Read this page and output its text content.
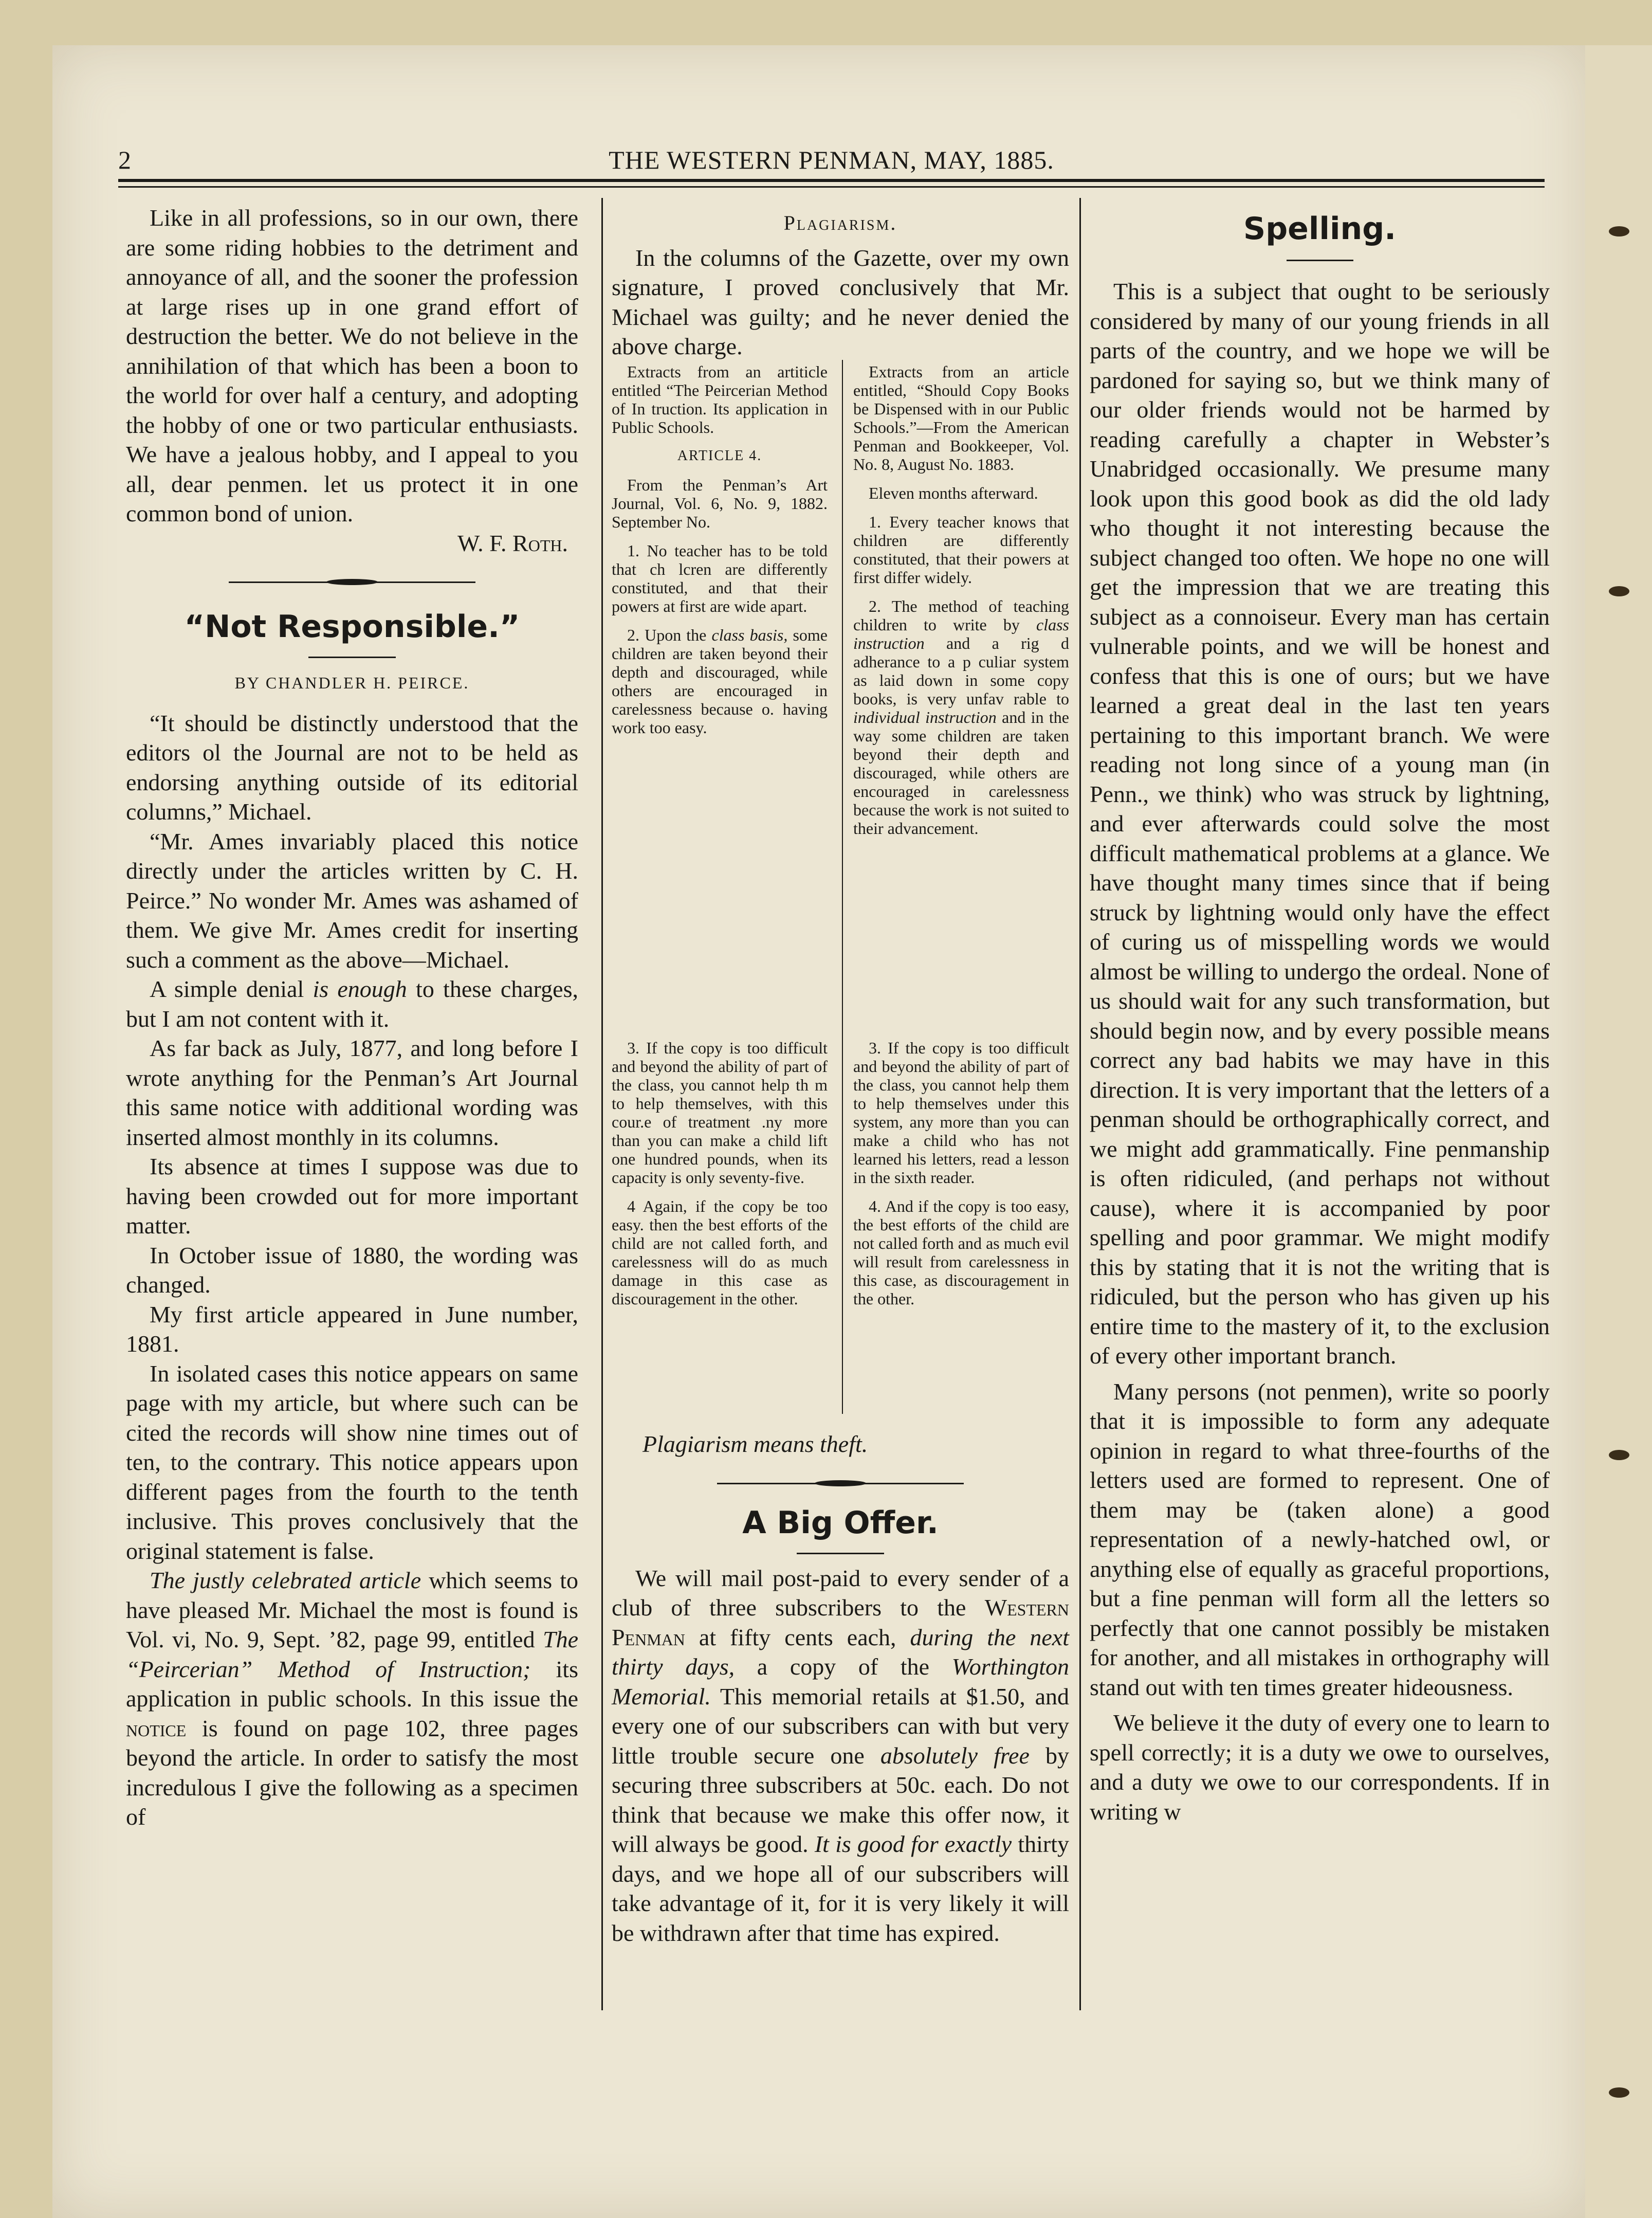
2	THE WESTERN PENMAN, MAY, 1885.

Like in all professions, so in our own, there are some riding hobbies to the detriment and annoyance of all, and the sooner the profession at large rises up in one grand effort of destruction the better. We do not believe in the annihilation of that which has been a boon to the world for over half a century, and adopting the hobby of one or two particular enthusiasts. We have a jealous hobby, and I appeal to you all, dear penmen. let us protect it in one common bond of union.

W. F. Roth.
“Not Responsible.”
BY CHANDLER H. PEIRCE.

“It should be distinctly understood that the editors ol the Journal are not to be held as endorsing anything outside of its editorial columns,” Michael.

“Mr. Ames invariably placed this notice directly under the articles written by C. H. Peirce.” No wonder Mr. Ames was ashamed of them. We give Mr. Ames credit for inserting such a comment as the above—Michael.

A simple denial is enough to these charges, but I am not content with it.

As far back as July, 1877, and long before I wrote anything for the Penman’s Art Journal this same notice with additional wording was inserted almost monthly in its columns.

Its absence at times I suppose was due to having been crowded out for more important matter.

In October issue of 1880, the wording was changed.

My first article appeared in June number, 1881.

In isolated cases this notice appears on same page with my article, but where such can be cited the records will show nine times out of ten, to the contrary. This notice appears upon different pages from the fourth to the tenth inclusive. This proves conclusively that the original statement is false.

The justly celebrated article which seems to have pleased Mr. Michael the most is found is Vol. vi, No. 9, Sept. ’82, page 99, entitled The “Peircerian” Method of Instruction; its application in public schools. In this issue the notice is found on page 102, three pages beyond the article. In order to satisfy the most incredulous I give the following as a specimen of

Plagiarism.

In the columns of the Gazette, over my own signature, I proved conclusively that Mr. Michael was guilty; and he never denied the above charge.

Extracts from an artiticle entitled “The Peircerian Method of In truction. Its application in Public Schools.

ARTICLE 4.

From the Penman’s Art Journal, Vol. 6, No. 9, 1882. September No.

1. No teacher has to be told that ch lcren are differently constituted, and that their powers at first are wide apart.

2. Upon the class basis, some children are taken beyond their depth and discouraged, while others are encouraged in carelessness because o. having work too easy.

3. If the copy is too difficult and beyond the ability of part of the class, you cannot help th m to help themselves, with this cour.e of treatment .ny more than you can make a child lift one hundred pounds, when its capacity is only seventy-five.

4 Again, if the copy be too easy. then the best efforts of the child are not called forth, and carelessness will do as much damage in this case as discouragement in the other.

Extracts from an article entitled, “Should Copy Books be Dispensed with in our Public Schools.”—From the American Penman and Bookkeeper, Vol. No. 8, August No. 1883.

Eleven months afterward.

1. Every teacher knows that children are differently constituted, that their powers at first differ widely.

2. The method of teaching children to write by class instruction and a rig d adherance to a p culiar system as laid down in some copy books, is very unfav rable to individual instruction and in the way some children are taken beyond their depth and discouraged, while others are encouraged in carelessness because the work is not suited to their advancement.

3. If the copy is too difficult and beyond the ability of part of the class, you cannot help them to help themselves under this system, any more than you can make a child who has not learned his letters, read a lesson in the sixth reader.

4. And if the copy is too easy, the best efforts of the child are not called forth and as much evil will result from carelessness in this case, as discouragement in the other.

Plagiarism means theft.

A Big Offer.

We will mail post-paid to every sender of a club of three subscribers to the Western Penman at fifty cents each, during the next thirty days, a copy of the Worthington Memorial. This memorial retails at $1.50, and every one of our subscribers can with but very little trouble secure one absolutely free by securing three subscribers at 50c. each. Do not think that because we make this offer now, it will always be good. It is good for exactly thirty days, and we hope all of our subscribers will take advantage of it, for it is very likely it will be withdrawn after that time has expired.

Spelling.

This is a subject that ought to be seriously considered by many of our young friends in all parts of the country, and we hope we will be pardoned for saying so, but we think many of our older friends would not be harmed by reading carefully a chapter in Webster’s Unabridged occasionally. We presume many look upon this good book as did the old lady who thought it not interesting because the subject changed too often. We hope no one will get the impression that we are treating this subject as a connoiseur. Every man has certain vulnerable points, and we will be honest and confess that this is one of ours; but we have learned a great deal in the last ten years pertaining to this important branch. We were reading not long since of a young man (in Penn., we think) who was struck by lightning, and ever afterwards could solve the most difficult mathematical problems at a glance. We have thought many times since that if being struck by lightning would only have the effect of curing us of misspelling words we would almost be willing to undergo the ordeal. None of us should wait for any such transformation, but should begin now, and by every possible means correct any bad habits we may have in this direction. It is very important that the letters of a penman should be orthographically correct, and we might add grammatically. Fine penmanship is often ridiculed, (and perhaps not without cause), where it is accompanied by poor spelling and poor grammar. We might modify this by stating that it is not the writing that is ridiculed, but the person who has given up his entire time to the mastery of it, to the exclusion of every other important branch.

Many persons (not penmen), write so poorly that it is impossible to form any adequate opinion in regard to what three-fourths of the letters used are formed to represent. One of them may be (taken alone) a good representation of a newly-hatched owl, or anything else of equally as graceful proportions, but a fine penman will form all the letters so perfectly that one cannot possibly be mistaken for another, and all mistakes in orthography will stand out with ten times greater hideousness.

We believe it the duty of every one to learn to spell correctly; it is a duty we owe to ourselves, and a duty we owe to our correspondents. If in writing w
